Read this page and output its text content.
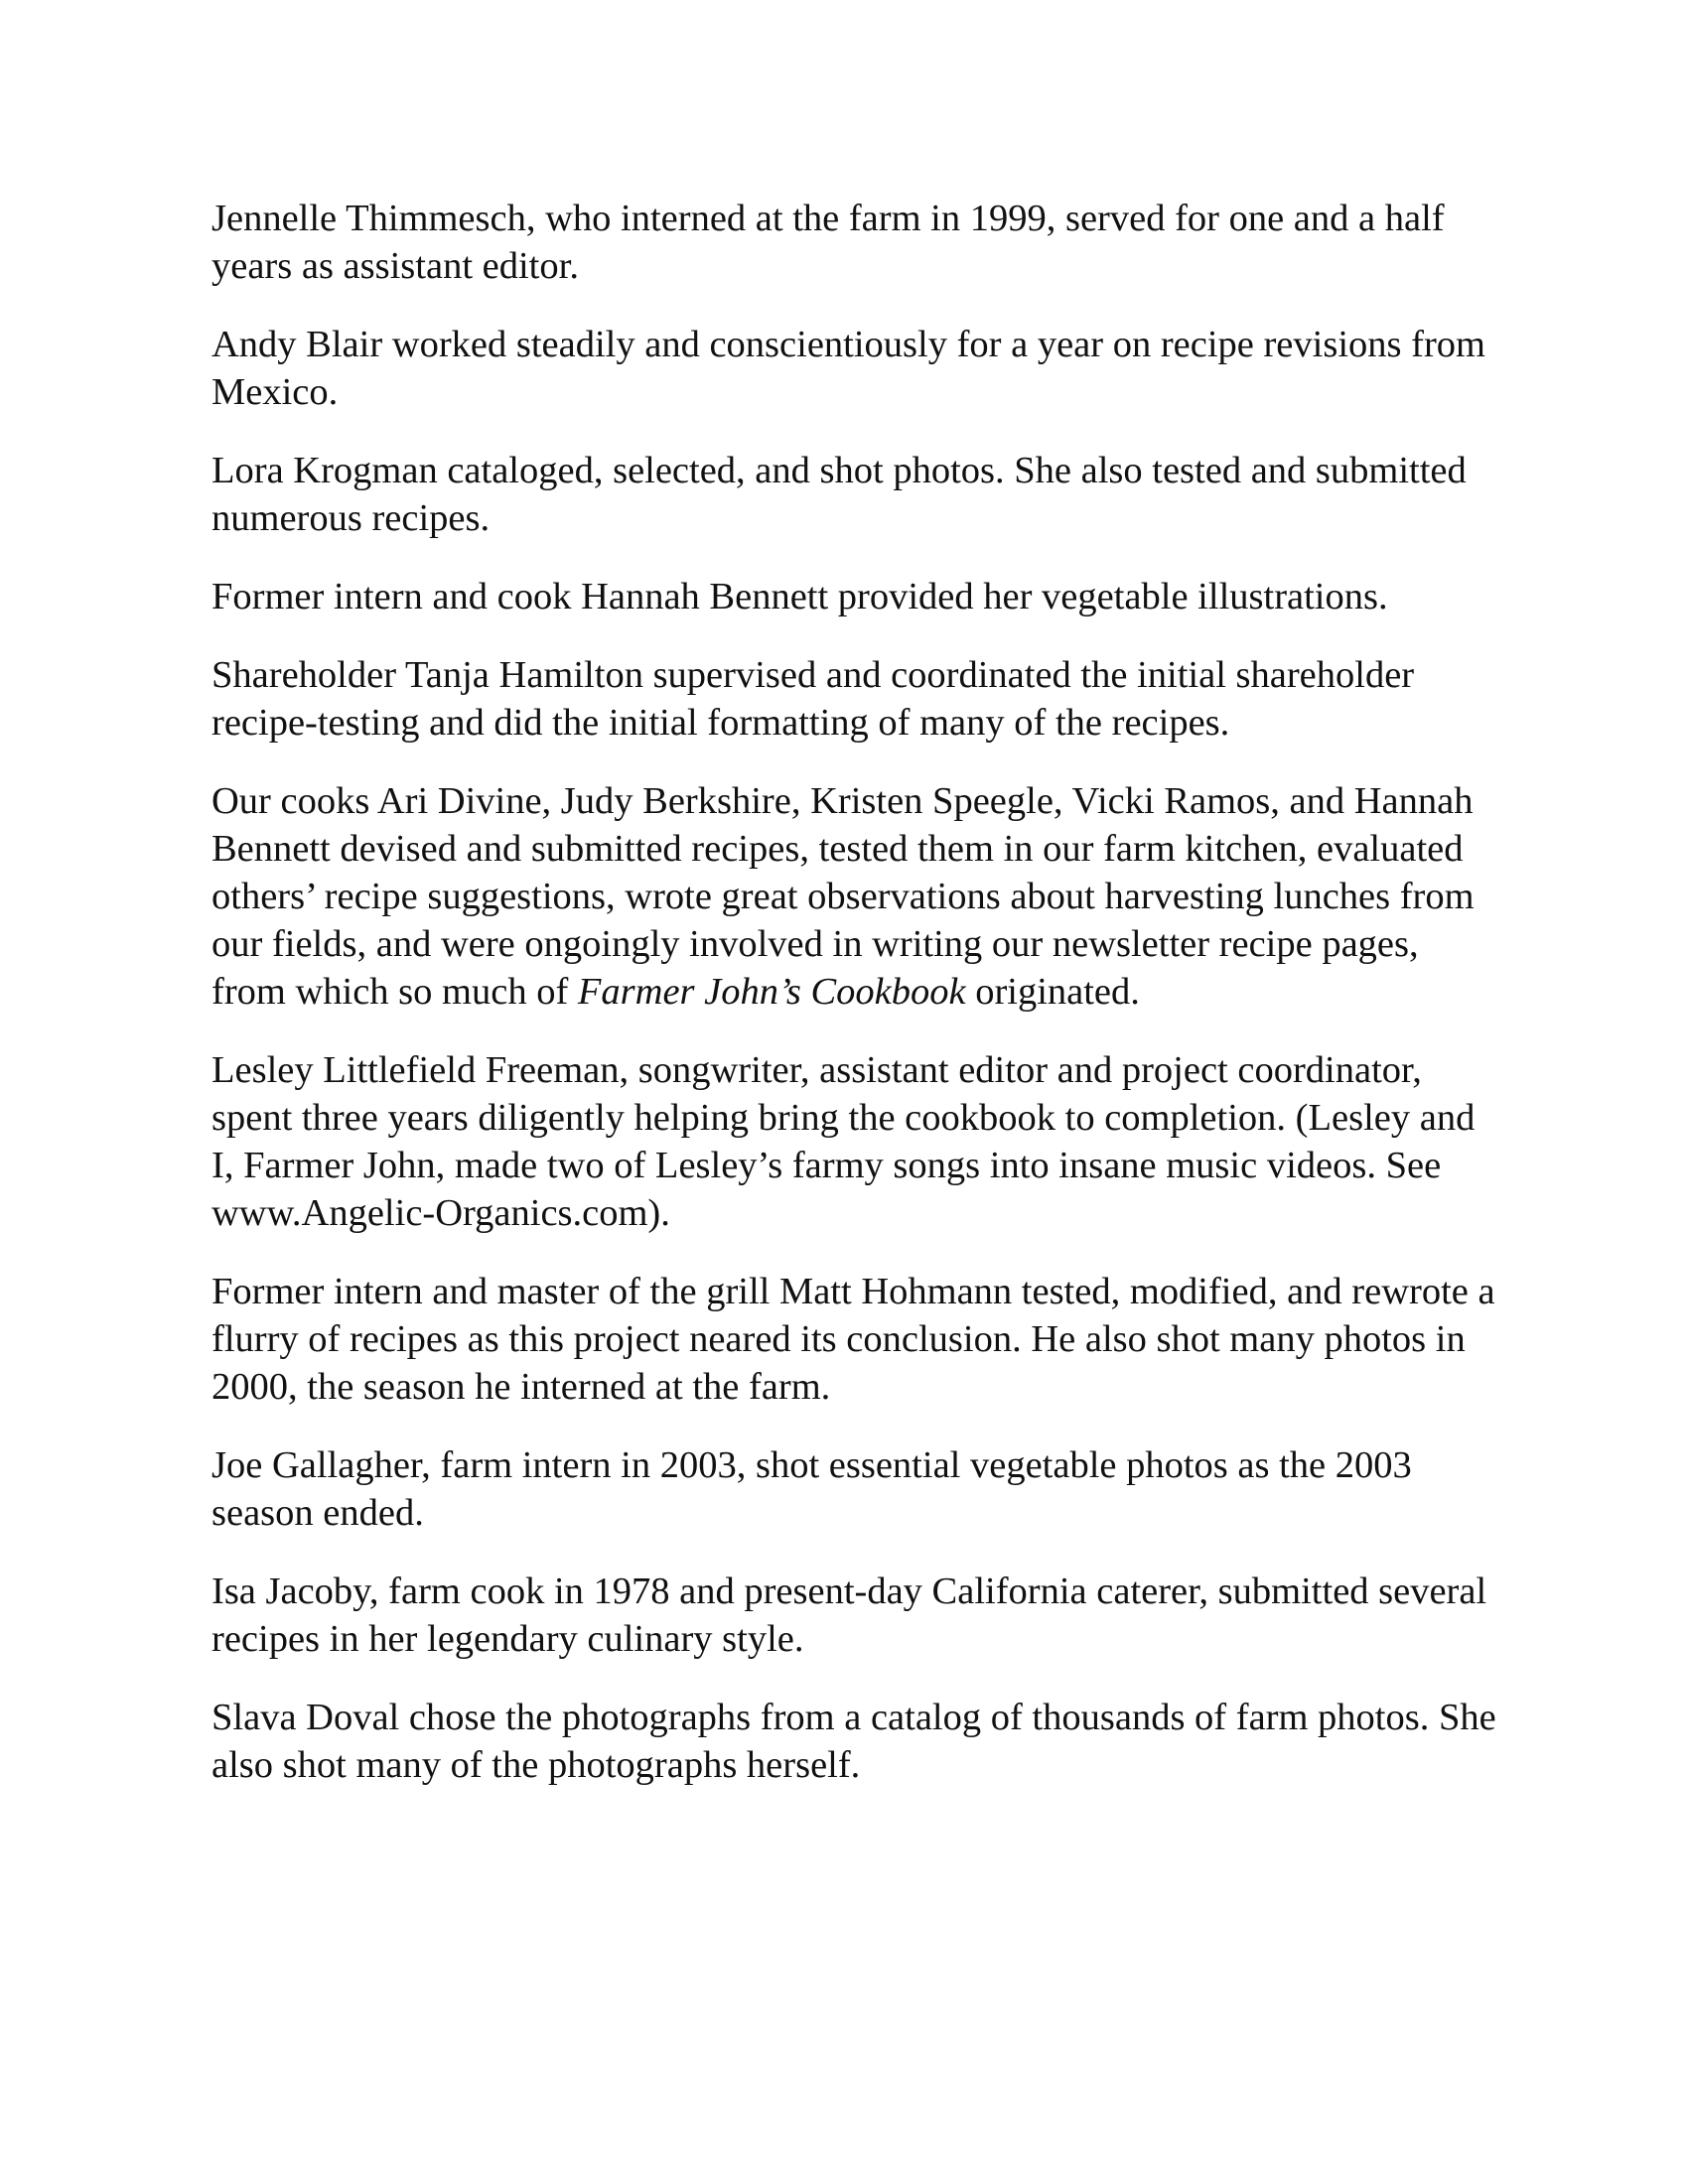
Jennelle Thimmesch, who interned at the farm in 1999, served for one and a half years as assistant editor.

Andy Blair worked steadily and conscientiously for a year on recipe revisions from Mexico.

Lora Krogman cataloged, selected, and shot photos. She also tested and submitted numerous recipes.

Former intern and cook Hannah Bennett provided her vegetable illustrations.

Shareholder Tanja Hamilton supervised and coordinated the initial shareholder recipe-testing and did the initial formatting of many of the recipes.

Our cooks Ari Divine, Judy Berkshire, Kristen Speegle, Vicki Ramos, and Hannah Bennett devised and submitted recipes, tested them in our farm kitchen, evaluated others’ recipe suggestions, wrote great observations about harvesting lunches from our fields, and were ongoingly involved in writing our newsletter recipe pages, from which so much of Farmer John’s Cookbook originated.

Lesley Littlefield Freeman, songwriter, assistant editor and project coordinator, spent three years diligently helping bring the cookbook to completion. (Lesley and I, Farmer John, made two of Lesley’s farmy songs into insane music videos. See www.Angelic-Organics.com).

Former intern and master of the grill Matt Hohmann tested, modified, and rewrote a flurry of recipes as this project neared its conclusion. He also shot many photos in 2000, the season he interned at the farm.

Joe Gallagher, farm intern in 2003, shot essential vegetable photos as the 2003 season ended.

Isa Jacoby, farm cook in 1978 and present-day California caterer, submitted several recipes in her legendary culinary style.

Slava Doval chose the photographs from a catalog of thousands of farm photos. She also shot many of the photographs herself.
